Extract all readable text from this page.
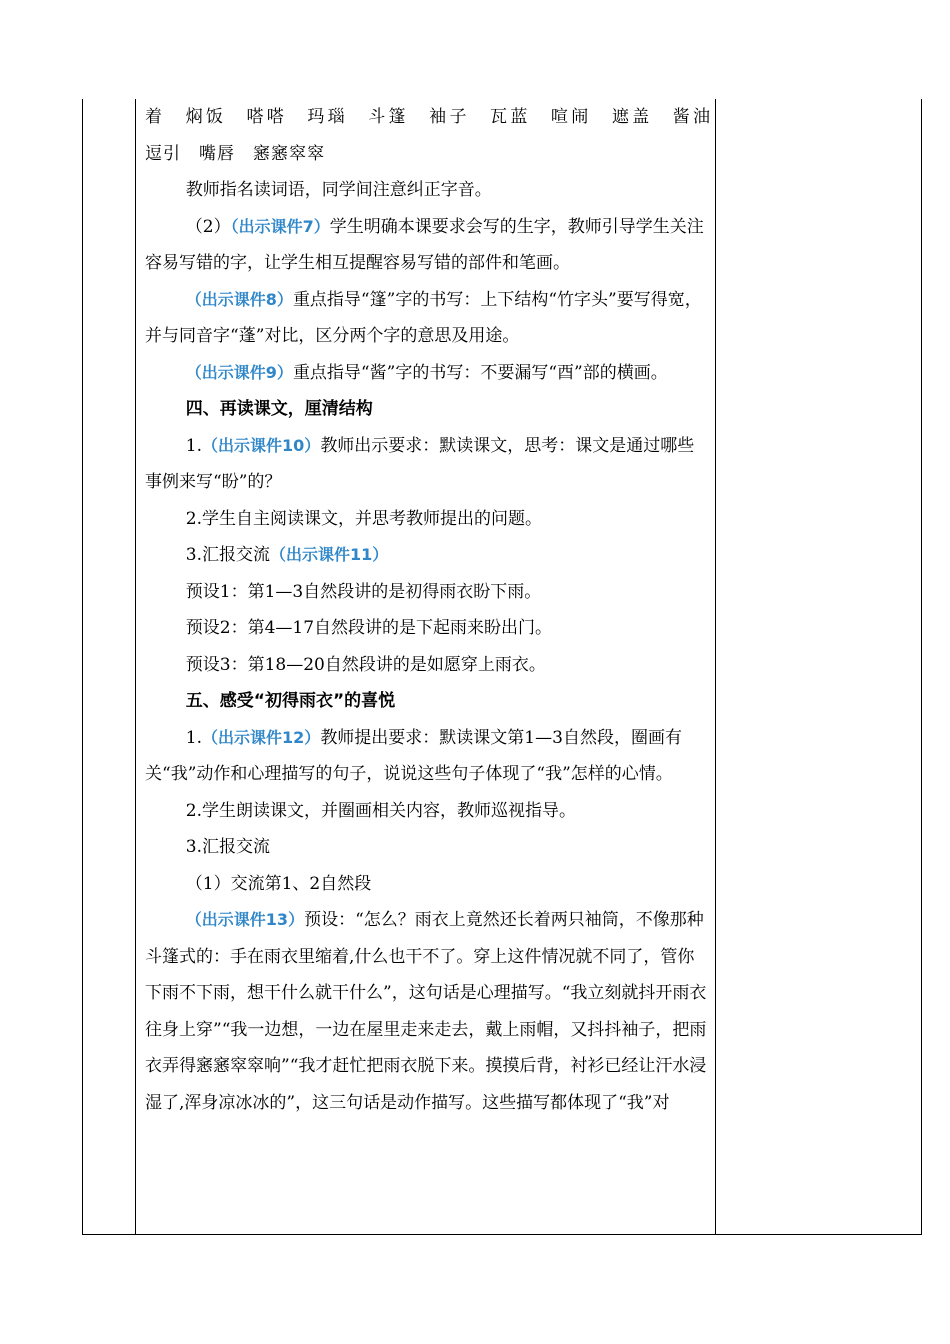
着　焖饭　嗒嗒　玛瑙　斗篷　袖子　瓦蓝　喧闹　遮盖　酱油

逗引　嘴唇　窸窸窣窣

教师指名读词语，同学间注意纠正字音。

（2）（出示课件7）学生明确本课要求会写的生字，教师引导学生关注容易写错的字，让学生相互提醒容易写错的部件和笔画。

（出示课件8）重点指导“篷”字的书写：上下结构“竹字头”要写得宽，并与同音字“蓬”对比，区分两个字的意思及用途。

（出示课件9）重点指导“酱”字的书写：不要漏写“酉”部的横画。

四、再读课文，厘清结构

1.（出示课件10）教师出示要求：默读课文，思考：课文是通过哪些事例来写“盼”的？

2.学生自主阅读课文，并思考教师提出的问题。

3.汇报交流（出示课件11）

预设1：第1—3自然段讲的是初得雨衣盼下雨。

预设2：第4—17自然段讲的是下起雨来盼出门。

预设3：第18—20自然段讲的是如愿穿上雨衣。

五、感受“初得雨衣”的喜悦

1.（出示课件12）教师提出要求：默读课文第1—3自然段，圈画有关“我”动作和心理描写的句子，说说这些句子体现了“我”怎样的心情。

2.学生朗读课文，并圈画相关内容，教师巡视指导。

3.汇报交流

（1）交流第1、2自然段

（出示课件13）预设：“怎么？雨衣上竟然还长着两只袖筒，不像那种斗篷式的：手在雨衣里缩着,什么也干不了。穿上这件情况就不同了，管你下雨不下雨，想干什么就干什么”，这句话是心理描写。“我立刻就抖开雨衣往身上穿”“我一边想，一边在屋里走来走去，戴上雨帽，又抖抖袖子，把雨衣弄得窸窸窣窣响”“我才赶忙把雨衣脱下来。摸摸后背，衬衫已经让汗水浸湿了,浑身凉冰冰的”，这三句话是动作描写。这些描写都体现了“我”对
